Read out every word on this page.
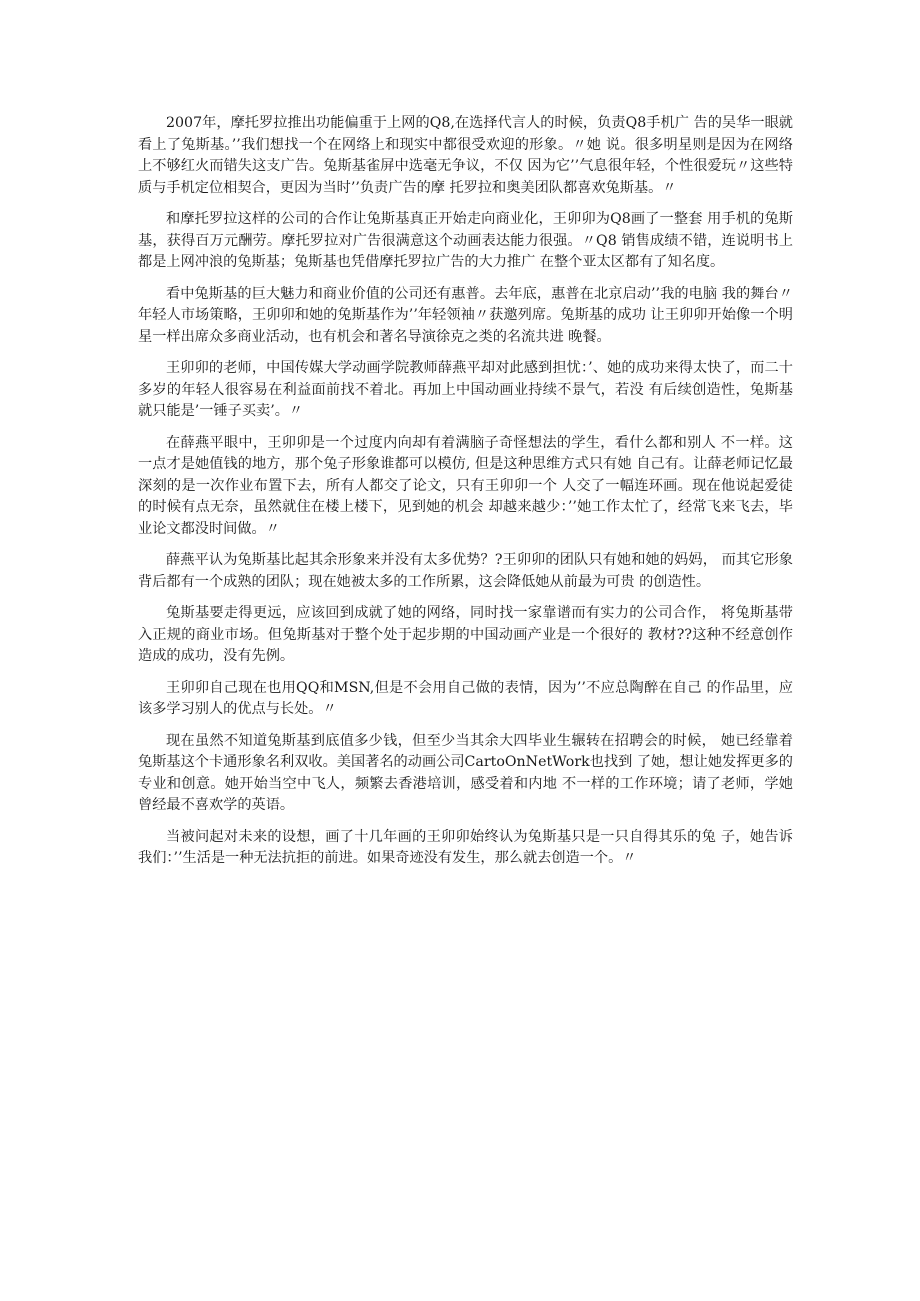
2007年，摩托罗拉推出功能偏重于上网的Q8,在选择代言人的时候，负责Q8手机广 告的吴华一眼就看上了兔斯基。’’我们想找一个在网络上和现实中都很受欢迎的形象。〃她 说。很多明星则是因为在网络上不够红火而错失这支广告。兔斯基雀屏中选毫无争议，不仅 因为它’’气息很年轻，个性很爱玩〃这些特质与手机定位相契合，更因为当时’’负责广告的摩 托罗拉和奥美团队都喜欢兔斯基。〃

和摩托罗拉这样的公司的合作让兔斯基真正开始走向商业化，王卯卯为Q8画了一整套 用手机的兔斯基，获得百万元酬劳。摩托罗拉对广告很满意这个动画表达能力很强。〃Q8 销售成绩不错，连说明书上都是上网冲浪的兔斯基；兔斯基也凭借摩托罗拉广告的大力推广 在整个亚太区都有了知名度。

看中兔斯基的巨大魅力和商业价值的公司还有惠普。去年底，惠普在北京启动’’我的电脑 我的舞台〃年轻人市场策略，王卯卯和她的兔斯基作为’’年轻领袖〃获邀列席。兔斯基的成功 让王卯卯开始像一个明星一样出席众多商业活动，也有机会和著名导演徐克之类的名流共进 晚餐。

王卯卯的老师，中国传媒大学动画学院教师薛燕平却对此感到担忧：’、她的成功来得太快了，而二十多岁的年轻人很容易在利益面前找不着北。再加上中国动画业持续不景气，若没 有后续创造性，兔斯基就只能是’一锤子买卖’。〃

在薛燕平眼中，王卯卯是一个过度内向却有着满脑子奇怪想法的学生，看什么都和别人 不一样。这一点才是她值钱的地方，那个兔子形象谁都可以模仿, 但是这种思维方式只有她 自己有。让薛老师记忆最深刻的是一次作业布置下去，所有人都交了论文，只有王卯卯一个 人交了一幅连环画。现在他说起爱徒的时候有点无奈，虽然就住在楼上楼下，见到她的机会 却越来越少：’’她工作太忙了，经常飞来飞去，毕业论文都没时间做。〃

薛燕平认为兔斯基比起其余形象来并没有太多优势？?王卯卯的团队只有她和她的妈妈， 而其它形象背后都有一个成熟的团队；现在她被太多的工作所累，这会降低她从前最为可贵 的创造性。

兔斯基要走得更远，应该回到成就了她的网络，同时找一家靠谱而有实力的公司合作， 将兔斯基带入正规的商业市场。但兔斯基对于整个处于起步期的中国动画产业是一个很好的 教材??这种不经意创作造成的成功，没有先例。

王卯卯自己现在也用QQ和MSN,但是不会用自己做的表情，因为’’不应总陶醉在自己 的作品里，应该多学习别人的优点与长处。〃

现在虽然不知道兔斯基到底值多少钱，但至少当其余大四毕业生辗转在招聘会的时候， 她已经靠着兔斯基这个卡通形象名利双收。美国著名的动画公司CartoOnNetWork也找到 了她，想让她发挥更多的专业和创意。她开始当空中飞人，频繁去香港培训，感受着和内地 不一样的工作环境；请了老师，学她曾经最不喜欢学的英语。

当被问起对未来的设想，画了十几年画的王卯卯始终认为兔斯基只是一只自得其乐的兔 子，她告诉我们：’’生活是一种无法抗拒的前进。如果奇迹没有发生，那么就去创造一个。〃
